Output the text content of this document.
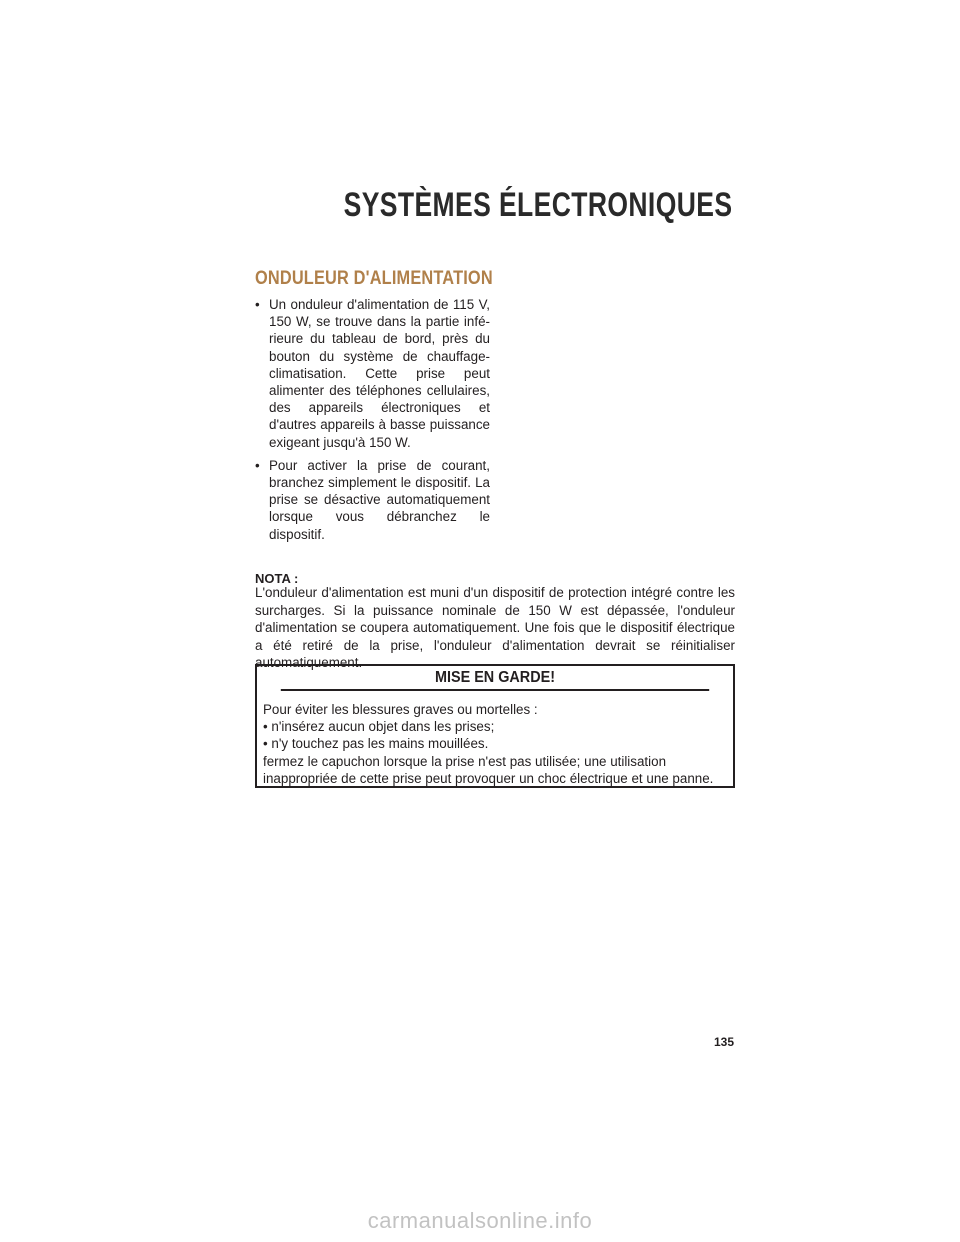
SYSTÈMES ÉLECTRONIQUES
ONDULEUR D'ALIMENTATION
• Un onduleur d'alimentation de 115 V, 150 W, se trouve dans la partie inférieure du tableau de bord, près du bouton du système de chauffage-climatisation. Cette prise peut alimenter des téléphones cellulaires, des appareils électroniques et d'autres appareils à basse puissance exigeant jusqu'à 150 W.
• Pour activer la prise de courant, branchez simplement le dispositif. La prise se désactive automatiquement lorsque vous débranchez le dispositif.
NOTA :
L'onduleur d'alimentation est muni d'un dispositif de protection intégré contre les surcharges. Si la puissance nominale de 150 W est dépassée, l'onduleur d'alimentation se coupera automatiquement. Une fois que le dispositif électrique a été retiré de la prise, l'onduleur d'alimentation devrait se réinitialiser automatiquement.
MISE EN GARDE!
Pour éviter les blessures graves ou mortelles :
• n'insérez aucun objet dans les prises;
• n'y touchez pas les mains mouillées.
fermez le capuchon lorsque la prise n'est pas utilisée; une utilisation inappropriée de cette prise peut provoquer un choc électrique et une panne.
135
carmanualsonline.info
